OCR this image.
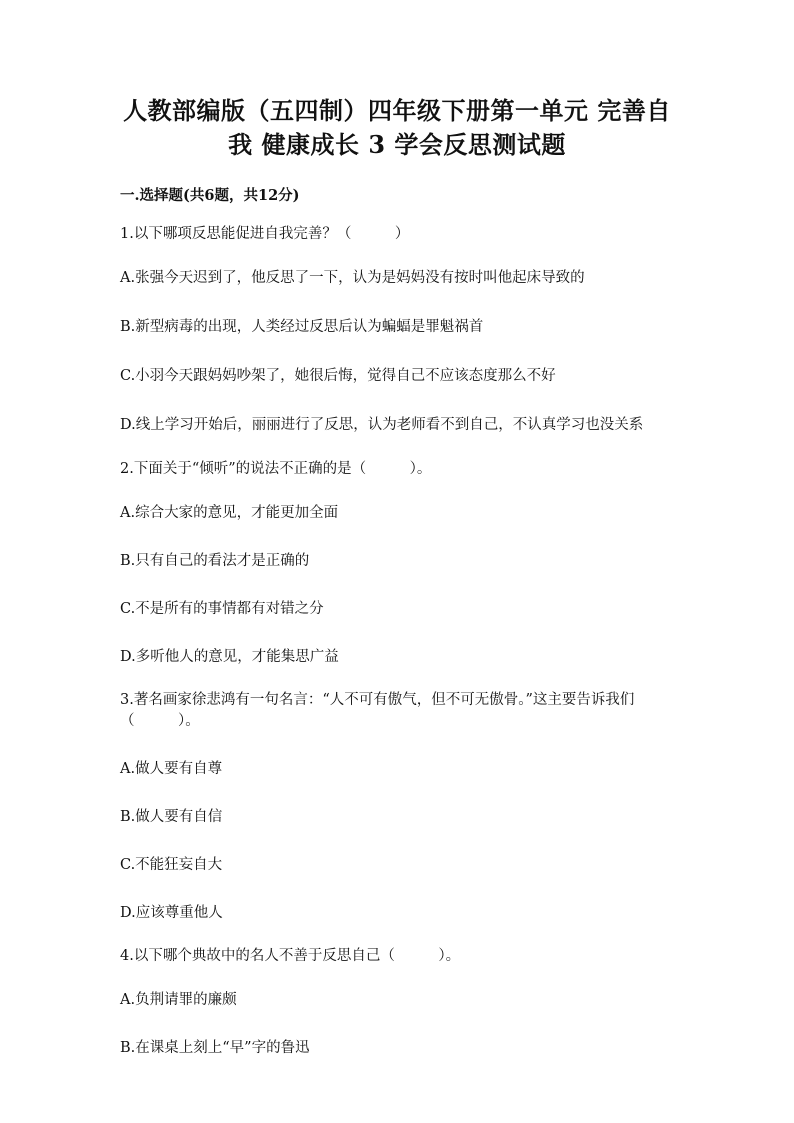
人教部编版（五四制）四年级下册第一单元 完善自
我 健康成长 3 学会反思测试题
一.选择题(共6题，共12分)
1.以下哪项反思能促进自我完善？（　　　）
A.张强今天迟到了，他反思了一下，认为是妈妈没有按时叫他起床导致的
B.新型病毒的出现，人类经过反思后认为蝙蝠是罪魁祸首
C.小羽今天跟妈妈吵架了，她很后悔，觉得自己不应该态度那么不好
D.线上学习开始后，丽丽进行了反思，认为老师看不到自己，不认真学习也没关系
2.下面关于“倾听”的说法不正确的是（　　　）。
A.综合大家的意见，才能更加全面
B.只有自己的看法才是正确的
C.不是所有的事情都有对错之分
D.多听他人的意见，才能集思广益
3.著名画家徐悲鸿有一句名言：“人不可有傲气，但不可无傲骨。”这主要告诉我们（　　　）。
A.做人要有自尊
B.做人要有自信
C.不能狂妄自大
D.应该尊重他人
4.以下哪个典故中的名人不善于反思自己（　　　）。
A.负荆请罪的廉颇
B.在课桌上刻上“早”字的鲁迅
